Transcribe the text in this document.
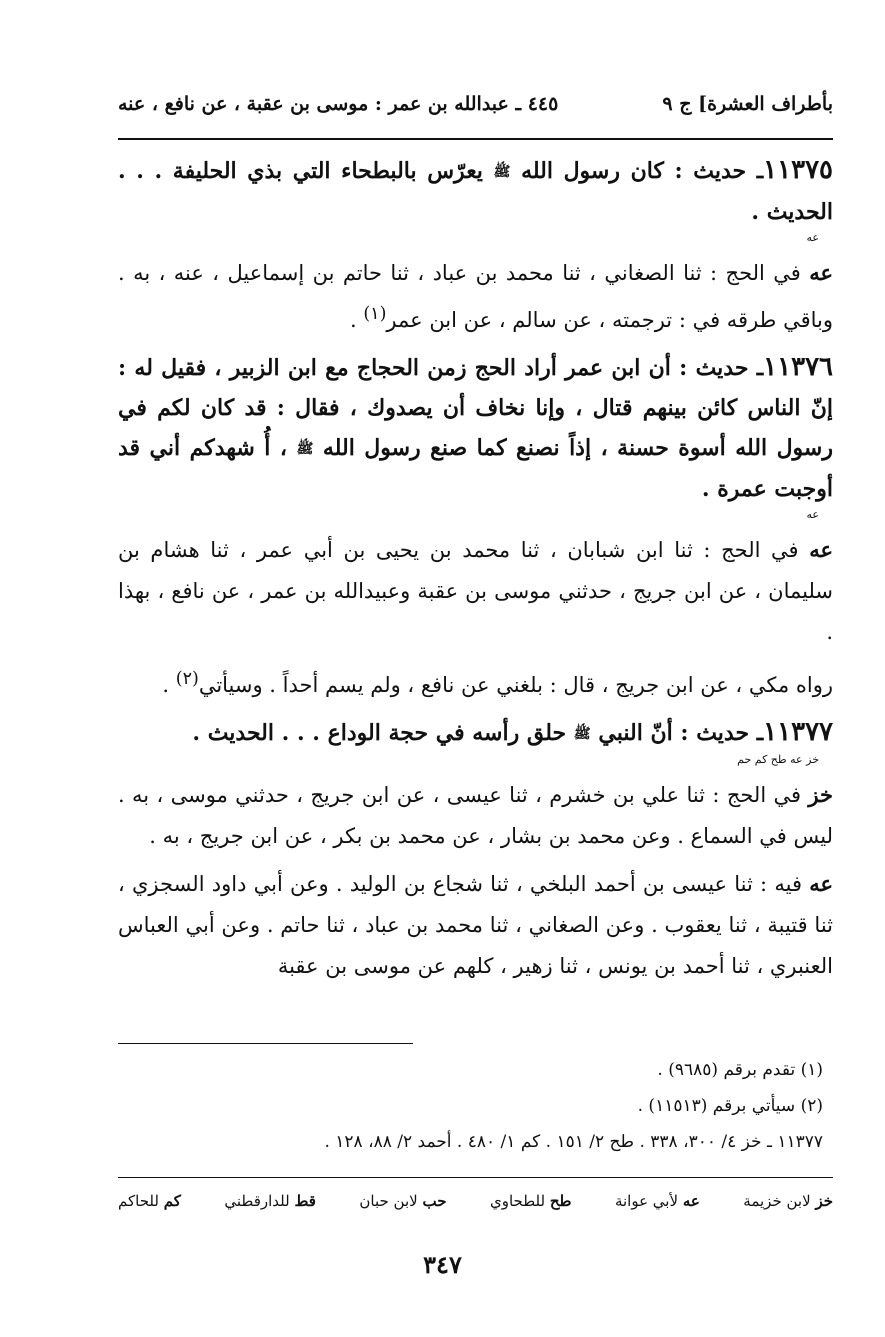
بأطراف العشرة] ج ٩
٤٤٥ ـ عبدالله بن عمر : موسى بن عقبة ، عن نافع ، عنه
١١٣٧٥ـ حديث : كان رسول الله ﷺ يعرّس بالبطحاء التي بذي الحليفة . . . الحديث .
عه

عه في الحج : ثنا الصغاني ، ثنا محمد بن عباد ، ثنا حاتم بن إسماعيل ، عنه ، به . وباقي طرقه في : ترجمته ، عن سالم ، عن ابن عمر$^{(١)}$ .

١١٣٧٦ـ حديث : أن ابن عمر أراد الحج زمن الحجاج مع ابن الزبير ، فقيل له : إنّ الناس كائن بينهم قتال ، وإنا نخاف أن يصدوك ، فقال : قد كان لكم في رسول الله أسوة حسنة ، إذاً نصنع كما صنع رسول الله ﷺ ، أُ شهدكم أني قد أوجبت عمرة .
عه

عه في الحج : ثنا ابن شبابان ، ثنا محمد بن يحيى بن أبي عمر ، ثنا هشام بن سليمان ، عن ابن جريج ، حدثني موسى بن عقبة وعبيدالله بن عمر ، عن نافع ، بهذا .

رواه مكي ، عن ابن جريج ، قال : بلغني عن نافع ، ولم يسم أحداً . وسيأتي$^{(٢)}$ .

١١٣٧٧ـ حديث : أنّ النبي ﷺ حلق رأسه في حجة الوداع . . . الحديث .
خز عه طح كم حم

خز في الحج : ثنا علي بن خشرم ، ثنا عيسى ، عن ابن جريج ، حدثني موسى ، به . ليس في السماع . وعن محمد بن بشار ، عن محمد بن بكر ، عن ابن جريج ، به .

عه فيه : ثنا عيسى بن أحمد البلخي ، ثنا شجاع بن الوليد . وعن أبي داود السجزي ، ثنا قتيبة ، ثنا يعقوب . وعن الصغاني ، ثنا محمد بن عباد ، ثنا حاتم . وعن أبي العباس العنبري ، ثنا أحمد بن يونس ، ثنا زهير ، كلهم عن موسى بن عقبة

(١) تقدم برقم (٩٦٨٥) .
(٢) سيأتي برقم (١١٥١٣) .
١١٣٧٧ ـ خز ٤/ ٣٠٠، ٣٣٨ . طح ٢/ ١٥١ . كم ١/ ٤٨٠ . أحمد ٢/ ٨٨، ١٢٨ .
خز لابن خزيمة
عه لأبي عوانة
طح للطحاوي
حب لابن حبان
قط للدارقطني
كم للحاكم
٣٤٧
